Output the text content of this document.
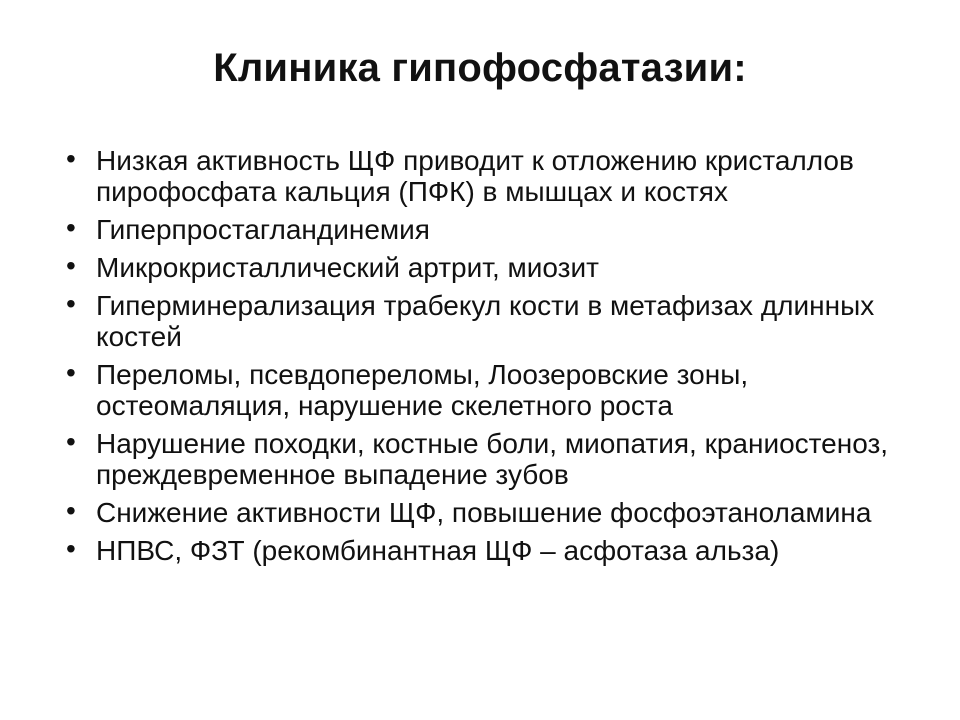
Клиника гипофосфатазии:
• Низкая активность ЩФ приводит к отложению кристаллов пирофосфата кальция (ПФК) в мышцах и костях
• Гиперпростагландинемия
• Микрокристаллический артрит, миозит
• Гиперминерализация трабекул кости в метафизах длинных костей
• Переломы, псевдопереломы, Лоозеровские зоны, остеомаляция, нарушение скелетного роста
• Нарушение походки, костные боли, миопатия, краниостеноз, преждевременное выпадение зубов
• Снижение активности ЩФ, повышение фосфоэтаноламина
• НПВС, ФЗТ (рекомбинантная ЩФ – асфотаза альза)
